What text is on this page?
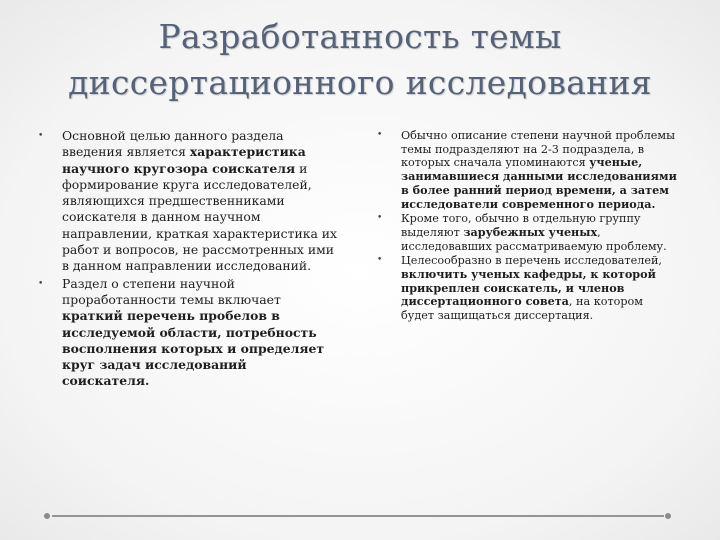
Разработанность темы
диссертационного исследования
• Основной целью данного раздела введения является характеристика научного кругозора соискателя и формирование круга исследователей, являющихся предшественниками соискателя в данном научном направлении, краткая характеристика их работ и вопросов, не рассмотренных ими в данном направлении исследований.
• Раздел о степени научной проработанности темы включает краткий перечень пробелов в исследуемой области, потребность восполнения которых и определяет круг задач исследований соискателя.
• Обычно описание степени научной проблемы темы подразделяют на 2-3 подраздела, в которых сначала упоминаются ученые, занимавшиеся данными исследованиями в более ранний период времени, а затем исследователи современного периода.
• Кроме того, обычно в отдельную группу выделяют зарубежных ученых, исследовавших рассматриваемую проблему.
• Целесообразно в перечень исследователей, включить ученых кафедры, к которой прикреплен соискатель, и членов диссертационного совета, на котором будет защищаться диссертация.
